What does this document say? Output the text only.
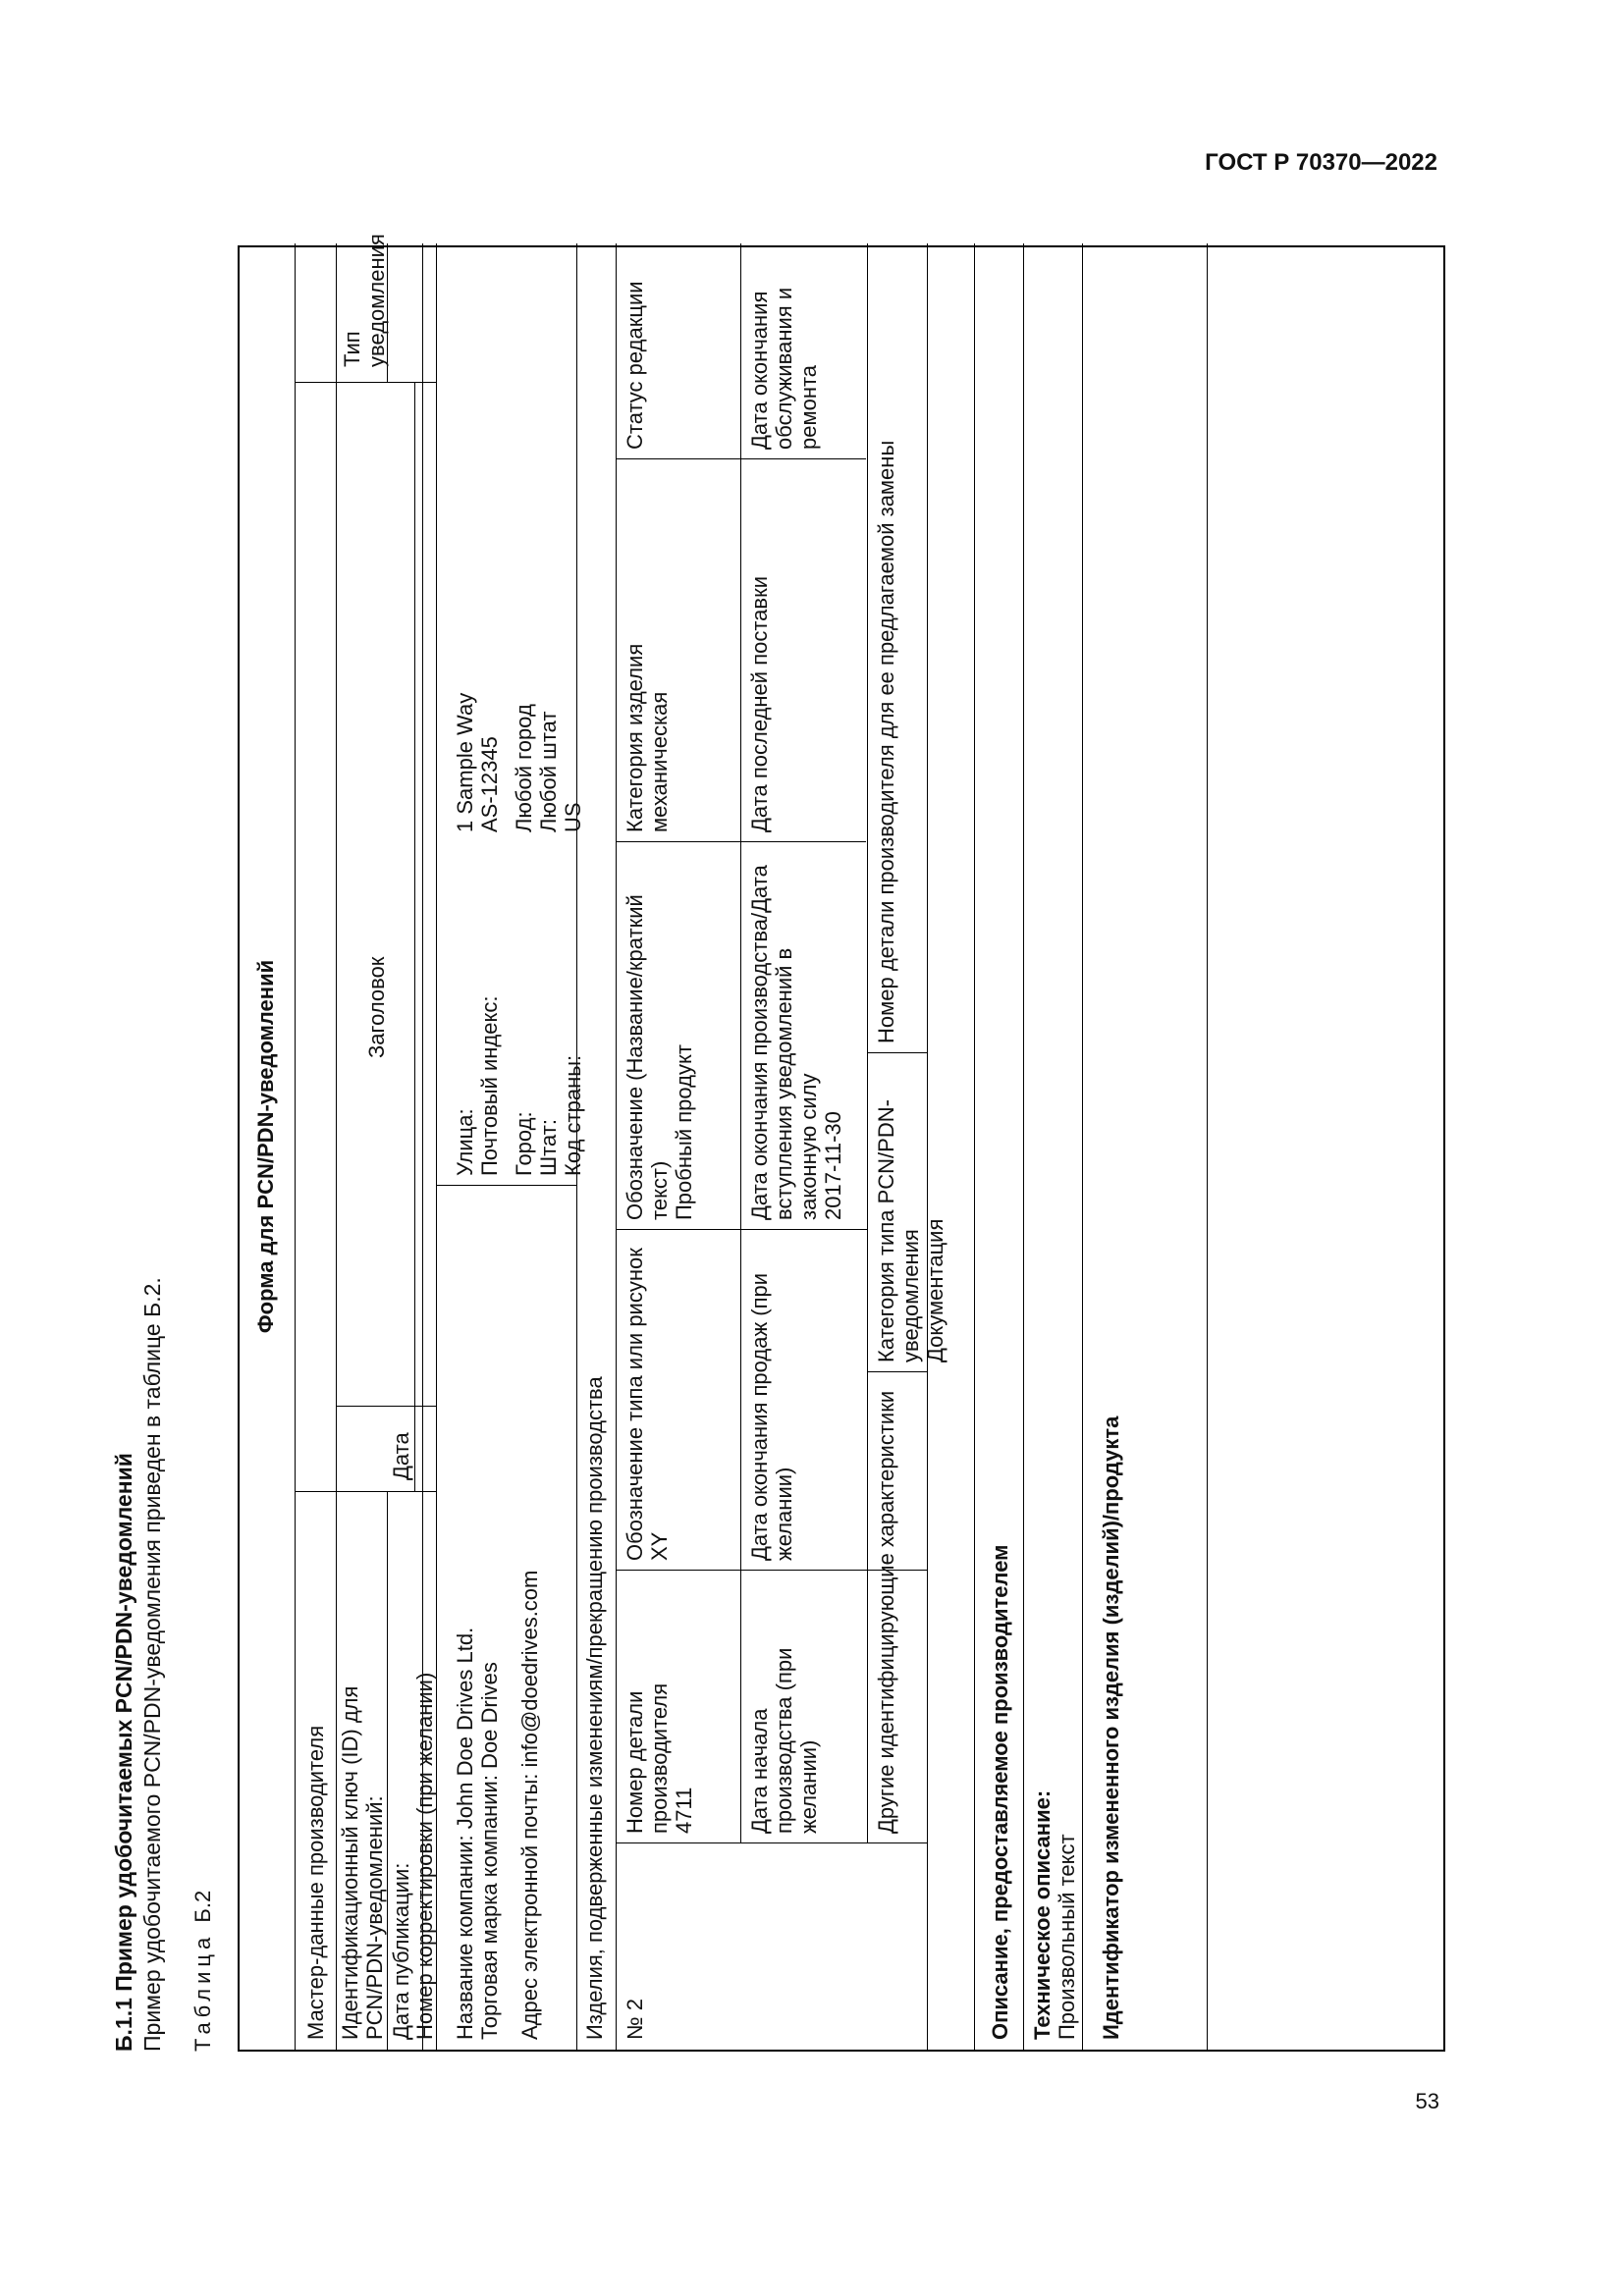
ГОСТ Р 70370—2022
Б.1.1 Пример удобочитаемых PCN/PDN-уведомлений Пример удобочитаемого PCN/PDN-уведомления приведен в таблице Б.2. Таблица Б.2
Форма для PCN/PDN-уведомлений
Мастер-данные производителя Идентификационный ключ (ID) для PCN/PDN-уведомлений:
Заголовок
Тип уведомления
Дата публикации:
Дата
Номер корректировки (при желании) Название компании: John Doe Drives Ltd. Торговая марка компании: Doe Drives Адрес электронной почты: info@doedrives.com
Улица: Почтовый индекс: Город: Штат: Код страны:
1 Sample Way AS-12345 Любой город Любой штат US
Изделия, подверженные изменениям/прекращению производства № 2
Номер детали производителя 4711
Обозначение типа или рисунок XY
Обозначение (Название/краткий текст) Пробный продукт
Категория изделия механическая
Статус редакции
Дата начала производства (при желании)
Дата окончания продаж (при желании)
Дата окончания производства/Дата вступления уведомлений в законную силу 2017-11-30
Дата последней поставки
Дата окончания обслуживания и ремонта
Другие идентифицирующие характеристики
Категория типа PCN/PDN-уведомления Документация
Номер детали производителя для ее предлагаемой замены
Описание, предоставляемое производителем Техническое описание: Произвольный текст Идентификатор измененного изделия (изделий)/продукта
53
